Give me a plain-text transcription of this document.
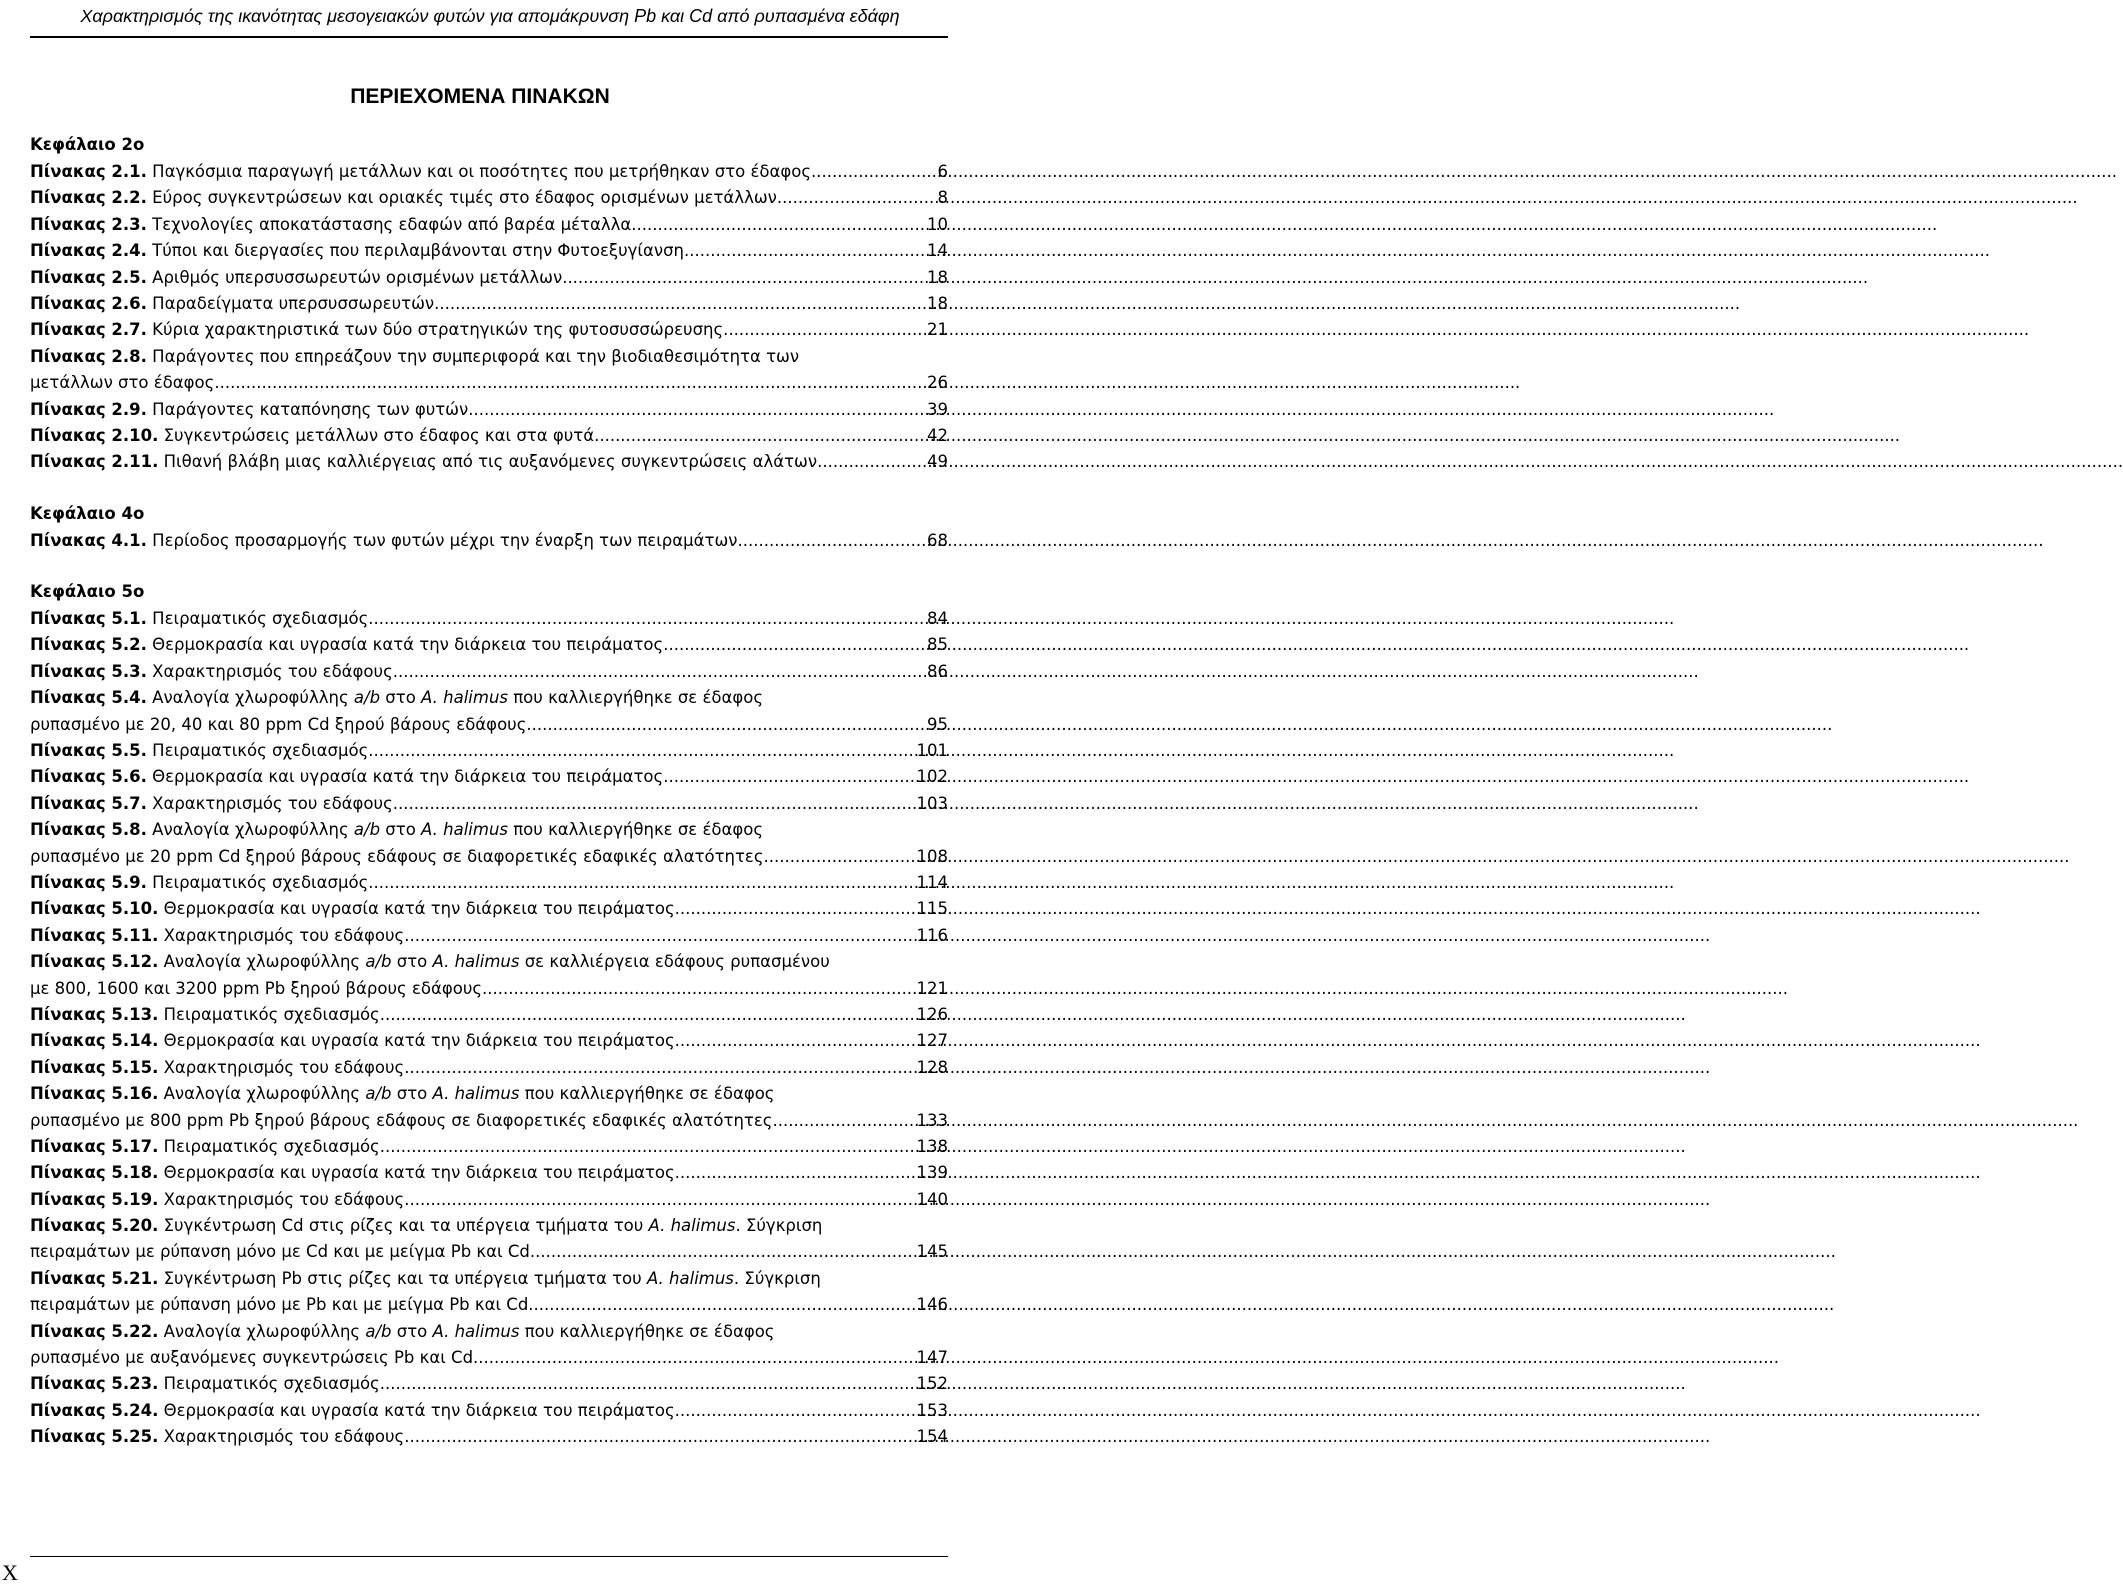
Χαρακτηρισμός της ικανότητας μεσογειακών φυτών για απομάκρυνση Pb και Cd από ρυπασμένα εδάφη
ΠΕΡΙΕΧΟΜΕΝΑ ΠΙΝΑΚΩΝ
Κεφάλαιο 2ο
Πίνακας 2.1. Παγκόσμια παραγωγή μετάλλων και οι ποσότητες που μετρήθηκαν στο έδαφος. .....	6
Πίνακας 2.2. Εύρος συγκεντρώσεων και οριακές τιμές στο έδαφος ορισμένων μετάλλων .....	8
Πίνακας 2.3. Τεχνολογίες αποκατάστασης εδαφών από βαρέα μέταλλα. .....	10
Πίνακας 2.4. Τύποι και διεργασίες που περιλαμβάνονται στην Φυτοεξυγίανση. .....	14
Πίνακας 2.5. Αριθμός υπερσυσσωρευτών ορισμένων μετάλλων. .....	18
Πίνακας 2.6. Παραδείγματα υπερσυσσωρευτών. .....	18
Πίνακας 2.7. Κύρια χαρακτηριστικά των δύο στρατηγικών της φυτοσυσσώρευσης. .....	21
Πίνακας 2.8. Παράγοντες που επηρεάζουν την συμπεριφορά και την βιοδιαθεσιμότητα των
μετάλλων στο έδαφος. .....	26
Πίνακας 2.9. Παράγοντες καταπόνησης των φυτών. .....	39
Πίνακας 2.10. Συγκεντρώσεις μετάλλων στο έδαφος και στα φυτά. .....	42
Πίνακας 2.11. Πιθανή βλάβη μιας καλλιέργειας από τις αυξανόμενες συγκεντρώσεις αλάτων. .....	49
Κεφάλαιο 4ο
Πίνακας 4.1. Περίοδος προσαρμογής των φυτών μέχρι την έναρξη των πειραμάτων. .....	68
Κεφάλαιο 5ο
Πίνακας 5.1. Πειραματικός σχεδιασμός. .....	84
Πίνακας 5.2. Θερμοκρασία και υγρασία κατά την διάρκεια του πειράματος. .....	85
Πίνακας 5.3. Χαρακτηρισμός του εδάφους. .....	86
Πίνακας 5.4. Αναλογία χλωροφύλλης a/b στο A. halimus που καλλιεργήθηκε σε έδαφος
ρυπασμένο με 20, 40 και 80 ppm Cd ξηρού βάρους εδάφους. .....	95
Πίνακας 5.5. Πειραματικός σχεδιασμός. .....	101
Πίνακας 5.6. Θερμοκρασία και υγρασία κατά την διάρκεια του πειράματος. .....	102
Πίνακας 5.7. Χαρακτηρισμός του εδάφους. .....	103
Πίνακας 5.8. Αναλογία χλωροφύλλης a/b στο A. halimus που καλλιεργήθηκε σε έδαφος
ρυπασμένο με 20 ppm Cd ξηρού βάρους εδάφους σε διαφορετικές εδαφικές αλατότητες. .....	108
Πίνακας 5.9. Πειραματικός σχεδιασμός. .....	114
Πίνακας 5.10. Θερμοκρασία και υγρασία κατά την διάρκεια του πειράματος. .....	115
Πίνακας 5.11. Χαρακτηρισμός του εδάφους. .....	116
Πίνακας 5.12. Αναλογία χλωροφύλλης a/b στο A. halimus σε καλλιέργεια εδάφους ρυπασμένου
με 800, 1600 και 3200 ppm Pb ξηρού βάρους εδάφους. .....	121
Πίνακας 5.13. Πειραματικός σχεδιασμός. .....	126
Πίνακας 5.14. Θερμοκρασία και υγρασία κατά την διάρκεια του πειράματος. .....	127
Πίνακας 5.15. Χαρακτηρισμός του εδάφους. .....	128
Πίνακας 5.16. Αναλογία χλωροφύλλης a/b στο A. halimus που καλλιεργήθηκε σε έδαφος
ρυπασμένο με 800 ppm Pb ξηρού βάρους εδάφους σε διαφορετικές εδαφικές αλατότητες. .....	133
Πίνακας 5.17. Πειραματικός σχεδιασμός. .....	138
Πίνακας 5.18. Θερμοκρασία και υγρασία κατά την διάρκεια του πειράματος. .....	139
Πίνακας 5.19. Χαρακτηρισμός του εδάφους. .....	140
Πίνακας 5.20. Συγκέντρωση Cd στις ρίζες και τα υπέργεια τμήματα του A. halimus. Σύγκριση
πειραμάτων με ρύπανση μόνο με Cd και με μείγμα Pb και Cd. .....	145
Πίνακας 5.21. Συγκέντρωση Pb στις ρίζες και τα υπέργεια τμήματα του A. halimus. Σύγκριση
πειραμάτων με ρύπανση μόνο με Pb και με μείγμα Pb και Cd. .....	146
Πίνακας 5.22. Αναλογία χλωροφύλλης a/b στο A. halimus που καλλιεργήθηκε σε έδαφος
ρυπασμένο με αυξανόμενες συγκεντρώσεις Pb και Cd. .....	147
Πίνακας 5.23. Πειραματικός σχεδιασμός. .....	152
Πίνακας 5.24. Θερμοκρασία και υγρασία κατά την διάρκεια του πειράματος. .....	153
Πίνακας 5.25. Χαρακτηρισμός του εδάφους. .....	154
X
